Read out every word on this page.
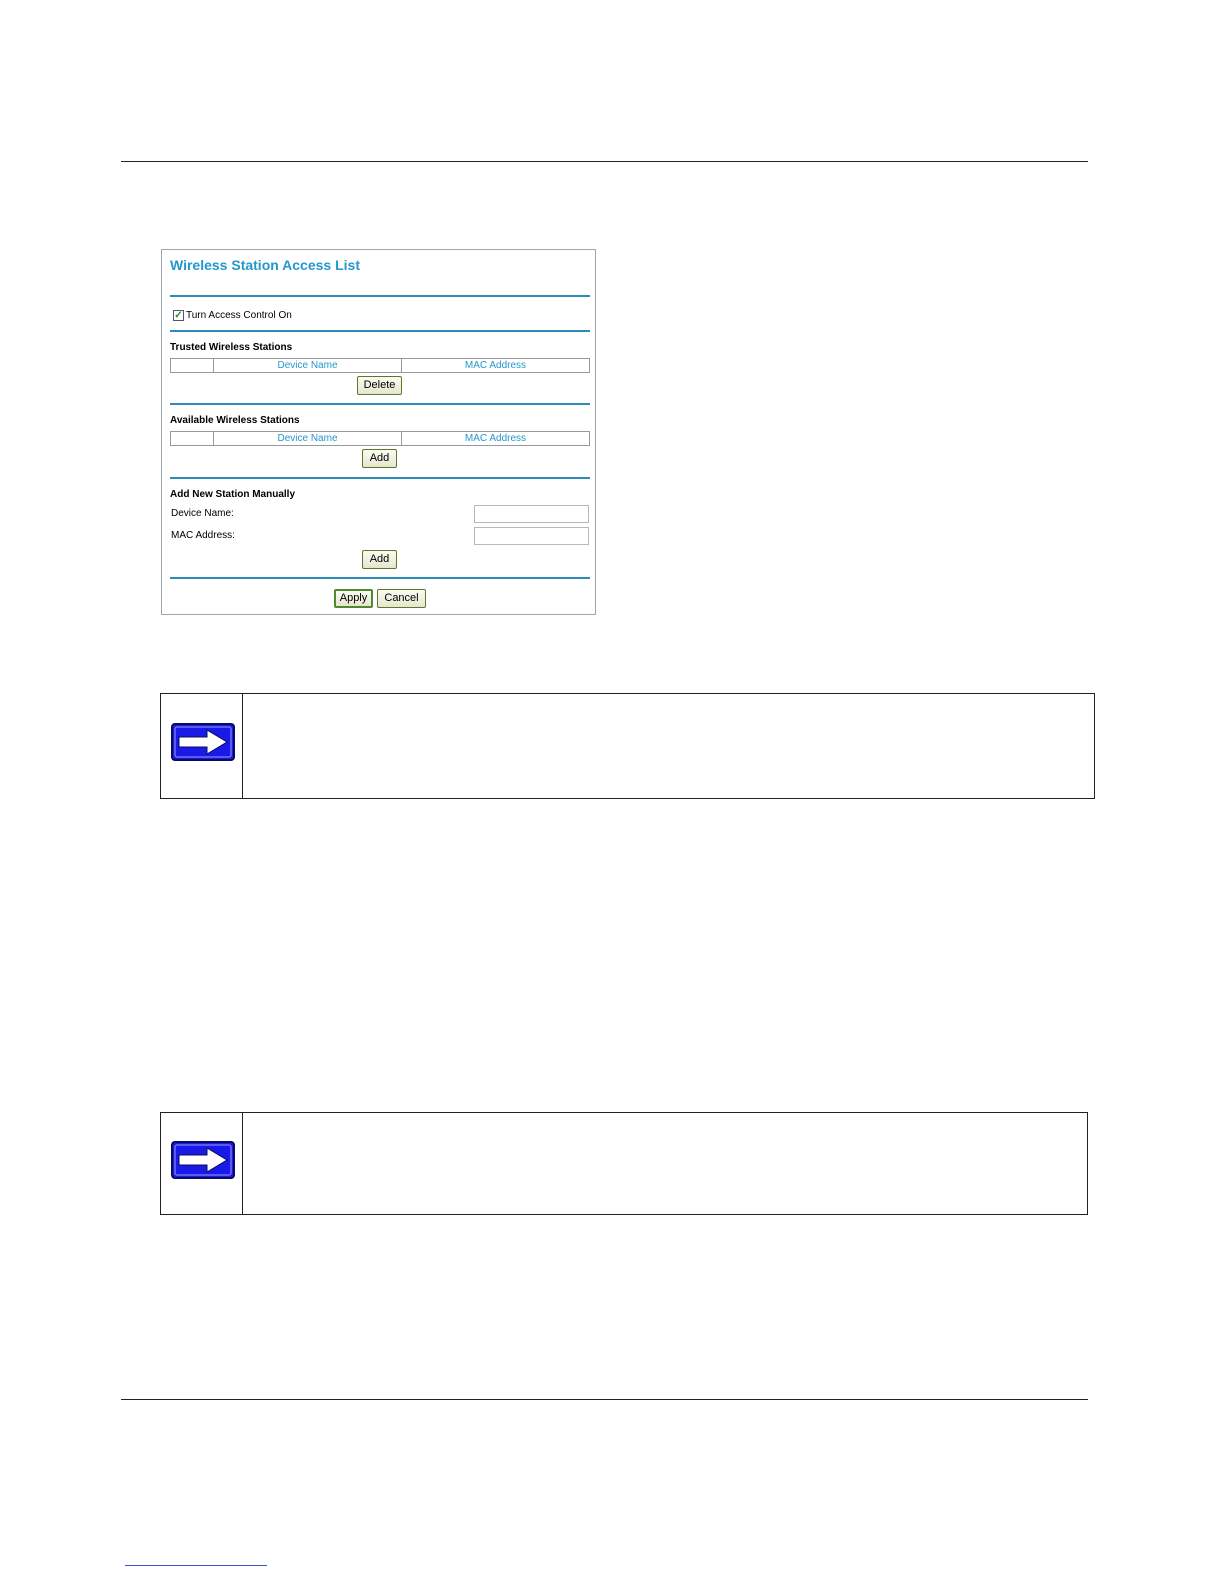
Wireless Station Access List
✓ Turn Access Control On
Trusted Wireless Stations
Device Name	MAC Address
Delete
Available Wireless Stations
Device Name	MAC Address
Add
Add New Station Manually
Device Name:
MAC Address:
Add
Apply	Cancel
